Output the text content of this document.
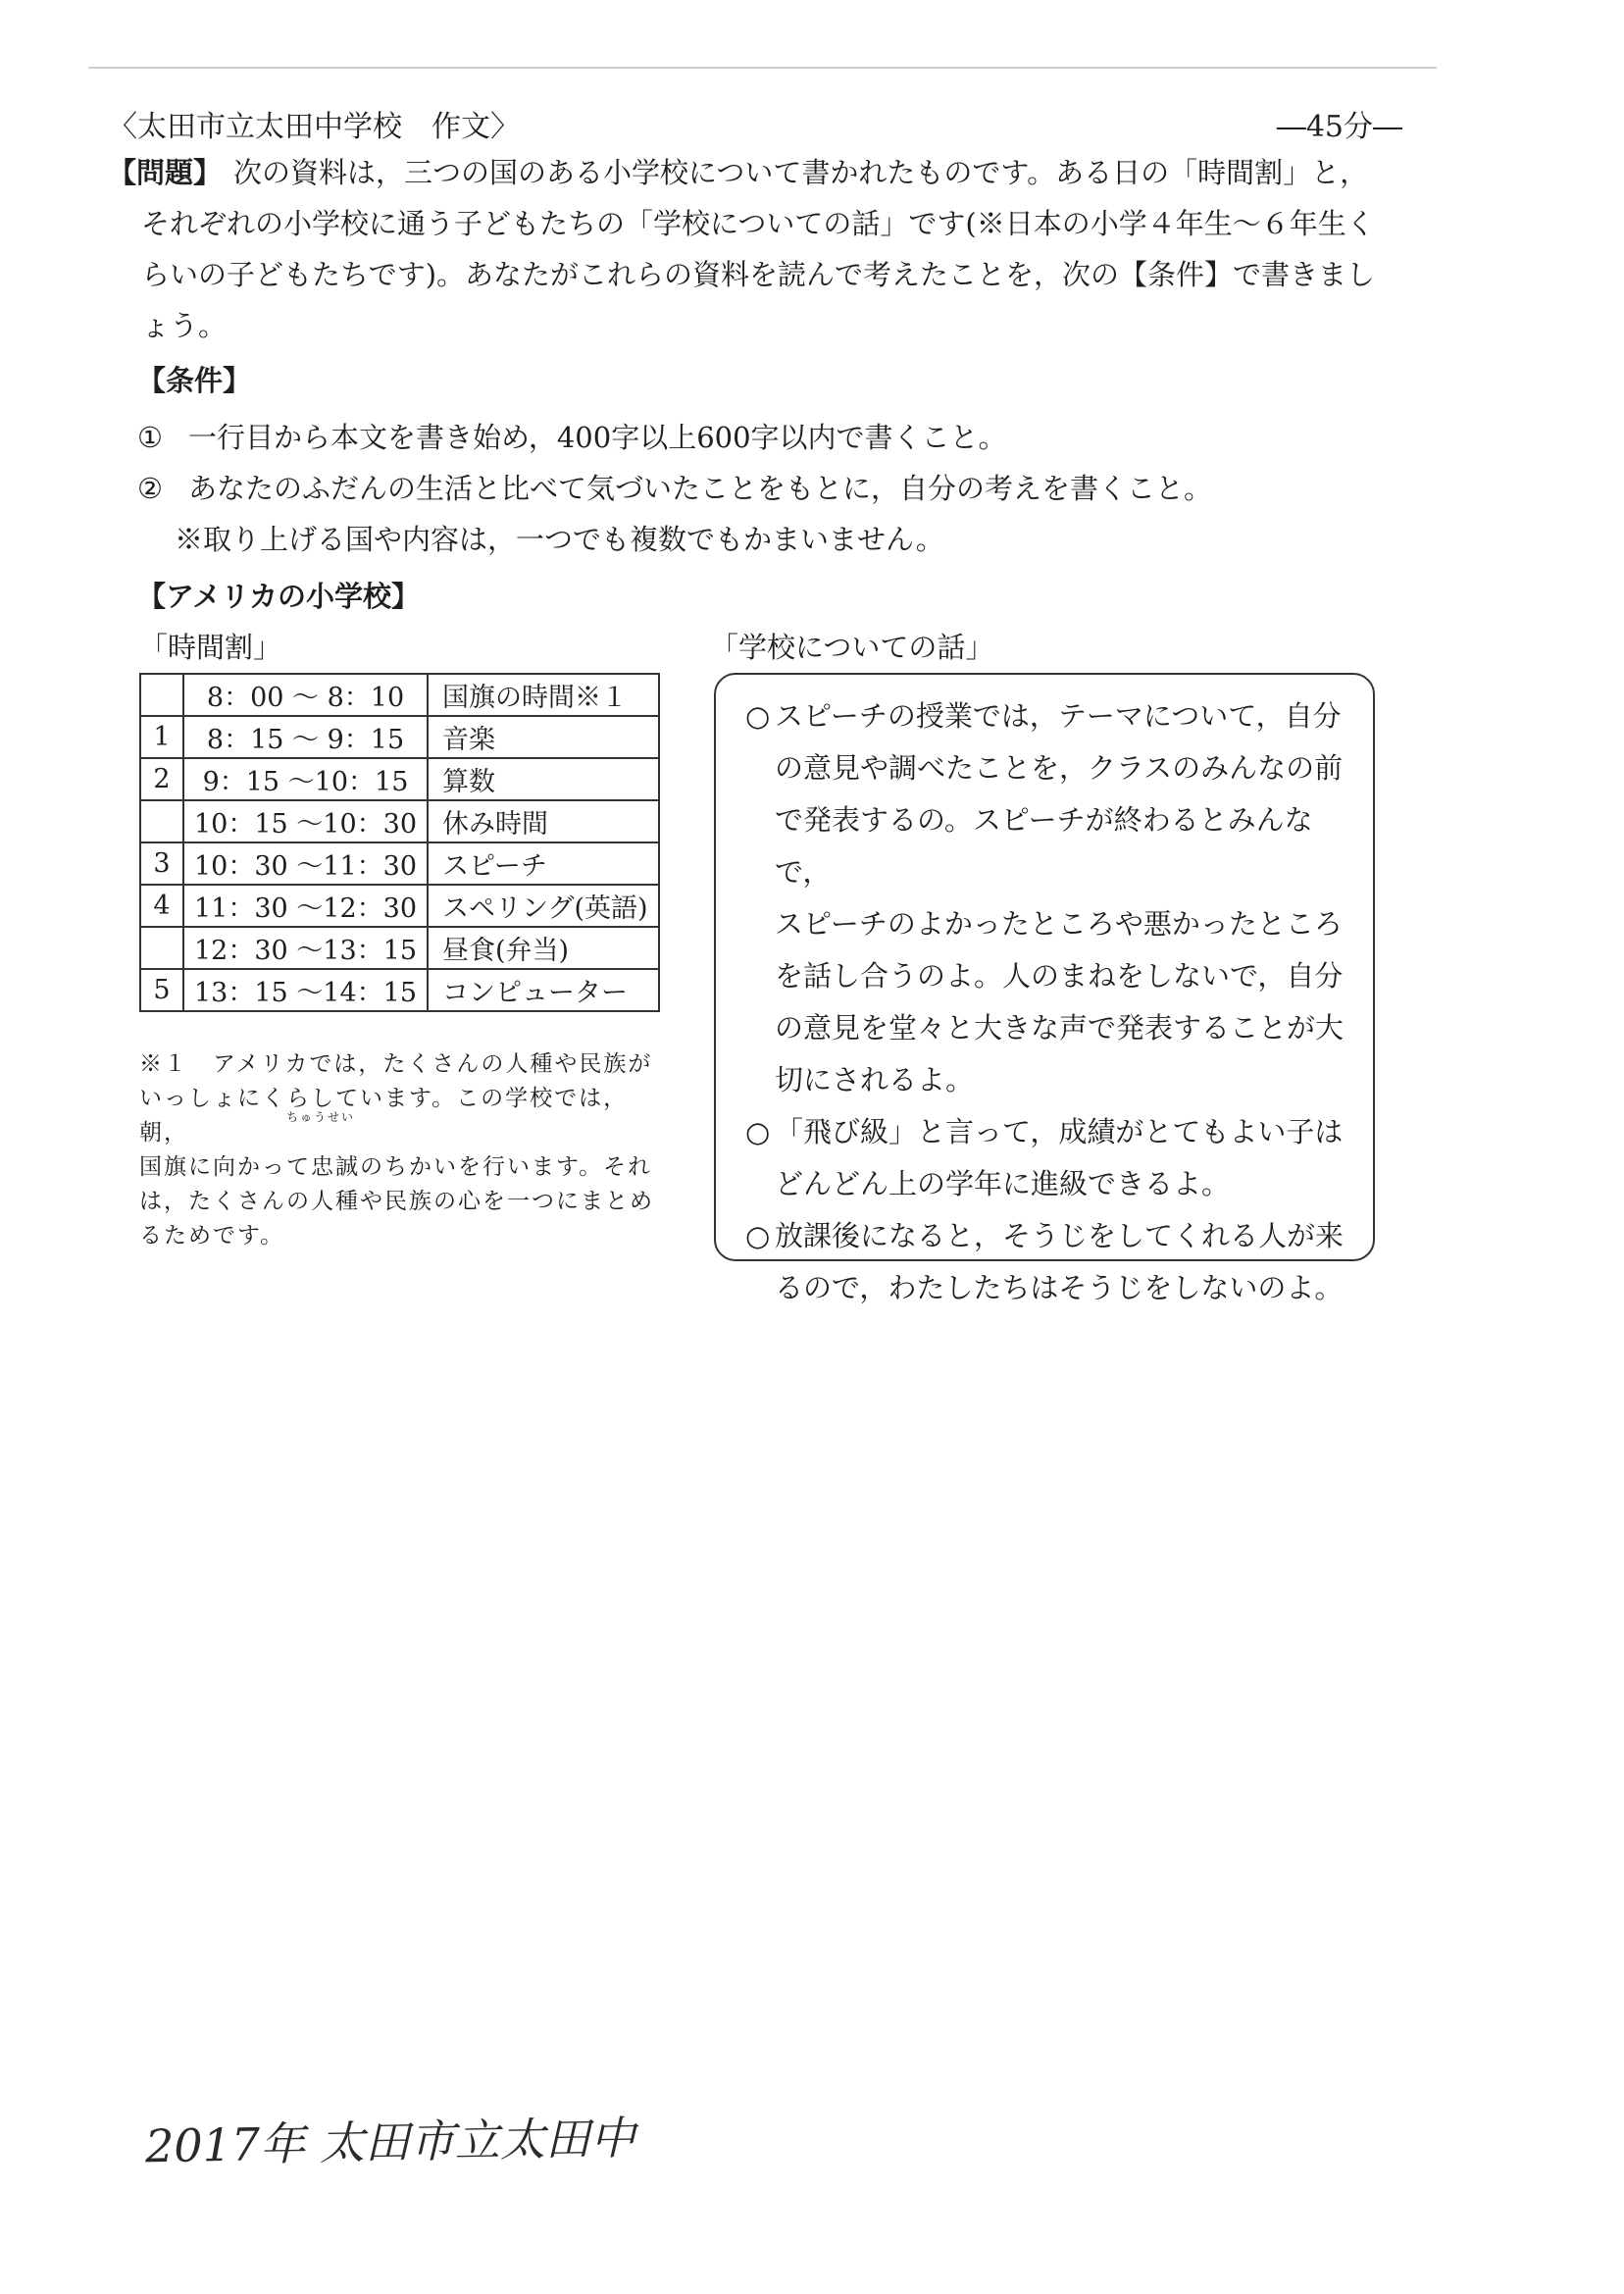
〈太田市立太田中学校　作文〉	―45分―

【問題】 次の資料は，三つの国のある小学校について書かれたものです。ある日の「時間割」と，

それぞれの小学校に通う子どもたちの「学校についての話」です(※日本の小学４年生～６年生く

らいの子どもたちです)。あなたがこれらの資料を読んで考えたことを，次の【条件】で書きまし

ょう。

【条件】

① 一行目から本文を書き始め，400字以上600字以内で書くこと。

② あなたのふだんの生活と比べて気づいたことをもとに，自分の考えを書くこと。

※取り上げる国や内容は，一つでも複数でもかまいません。

【アメリカの小学校】
「時間割」	「学校についての話」
	8：00 ～ 8：10	国旗の時間※１
1	8：15 ～ 9：15	音楽
2	9：15 ～10：15	算数
	10：15 ～10：30	休み時間
3	10：30 ～11：30	スピーチ
4	11：30 ～12：30	スペリング(英語)
	12：30 ～13：15	昼食(弁当)
5	13：15 ～14：15	コンピューター
ちゅうせい
※１　アメリカでは，たくさんの人種や民族が
いっしょにくらしています。この学校では，朝，
国旗に向かって忠誠のちかいを行います。それ
は，たくさんの人種や民族の心を一つにまとめ
るためです。
○ スピーチの授業では，テーマについて，自分
の意見や調べたことを，クラスのみんなの前
で発表するの。スピーチが終わるとみんなで，
スピーチのよかったところや悪かったところ
を話し合うのよ。人のまねをしないで，自分
の意見を堂々と大きな声で発表することが大
切にされるよ。
○ 「飛び級」と言って，成績がとてもよい子は
どんどん上の学年に進級できるよ。
○ 放課後になると，そうじをしてくれる人が来
るので，わたしたちはそうじをしないのよ。
2017年 太田市立太田中
